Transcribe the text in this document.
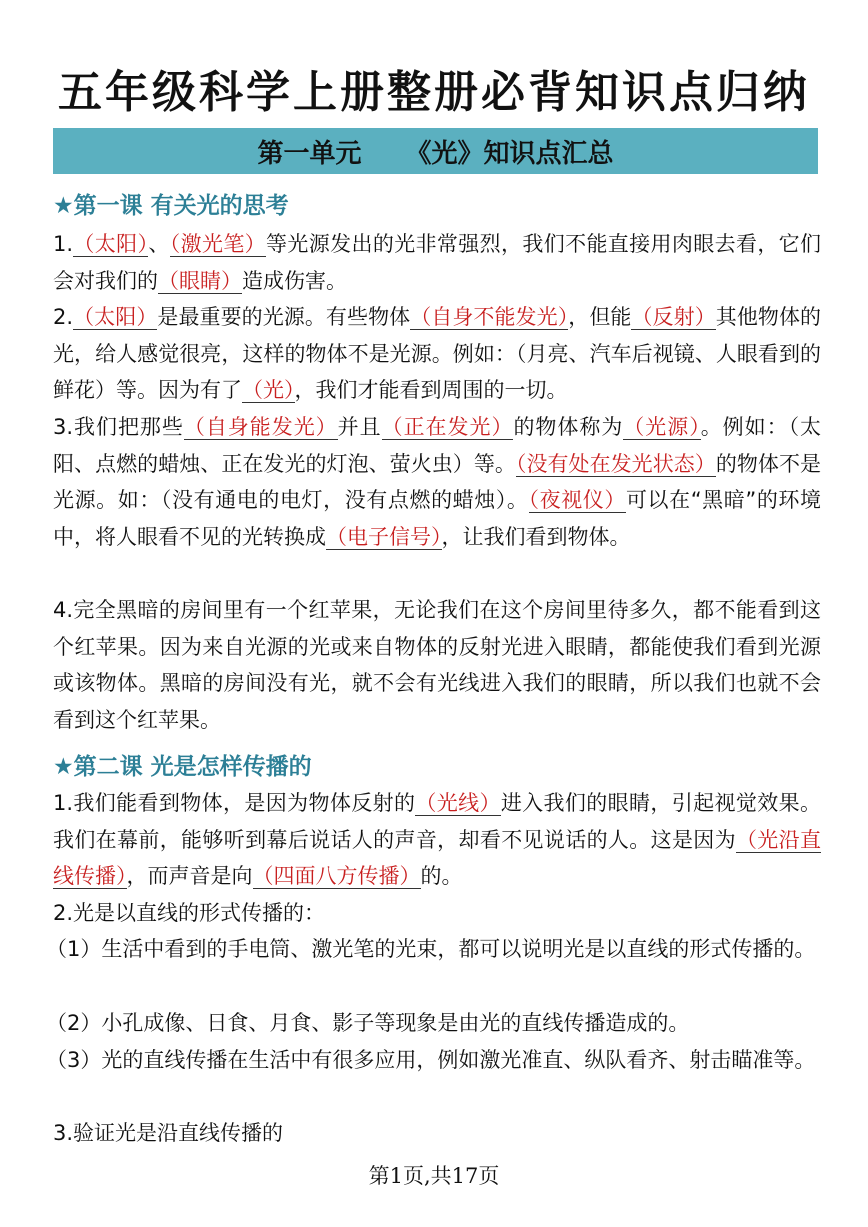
五年级科学上册整册必背知识点归纳
第一单元 《光》知识点汇总
★第一课 有关光的思考
1.（太阳）、（激光笔）等光源发出的光非常强烈，我们不能直接用肉眼去看，它们会对我们的（眼睛）造成伤害。
2.（太阳）是最重要的光源。有些物体（自身不能发光），但能（反射）其他物体的光，给人感觉很亮，这样的物体不是光源。例如：（月亮、汽车后视镜、人眼看到的鲜花）等。因为有了（光），我们才能看到周围的一切。
3.我们把那些（自身能发光）并且（正在发光）的物体称为（光源）。例如：（太阳、点燃的蜡烛、正在发光的灯泡、萤火虫）等。（没有处在发光状态）的物体不是光源。如：（没有通电的电灯，没有点燃的蜡烛）。（夜视仪）可以在“黑暗”的环境中，将人眼看不见的光转换成（电子信号），让我们看到物体。
4.完全黑暗的房间里有一个红苹果，无论我们在这个房间里待多久，都不能看到这个红苹果。因为来自光源的光或来自物体的反射光进入眼睛，都能使我们看到光源或该物体。黑暗的房间没有光，就不会有光线进入我们的眼睛，所以我们也就不会看到这个红苹果。
★第二课 光是怎样传播的
1.我们能看到物体，是因为物体反射的（光线）进入我们的眼睛，引起视觉效果。我们在幕前，能够听到幕后说话人的声音，却看不见说话的人。这是因为（光沿直线传播），而声音是向（四面八方传播）的。
2.光是以直线的形式传播的：
（1）生活中看到的手电筒、激光笔的光束，都可以说明光是以直线的形式传播的。
（2）小孔成像、日食、月食、影子等现象是由光的直线传播造成的。
（3）光的直线传播在生活中有很多应用，例如激光准直、纵队看齐、射击瞄准等。
3.验证光是沿直线传播的
第1页,共17页
